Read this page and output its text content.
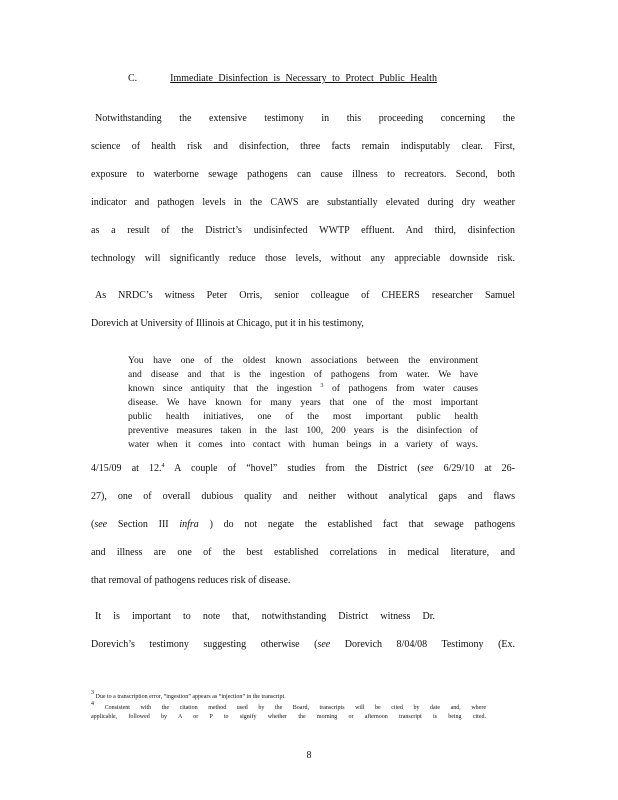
C.	Immediate Disinfection is Necessary to Protect Public Health
Notwithstanding the extensive testimony in this proceeding concerning the
science of health risk and disinfection, three facts remain indisputably clear. First,
exposure to waterborne sewage pathogens can cause illness to recreators. Second, both
indicator and pathogen levels in the CAWS are substantially elevated during dry weather
as a result of the District’s undisinfected WWTP effluent. And third, disinfection
technology will significantly reduce those levels, without any appreciable downside risk.
As NRDC’s witness Peter Orris, senior colleague of CHEERS researcher Samuel
Dorevich at University of Illinois at Chicago, put it in his testimony,
You have one of the oldest known associations between the environment
and disease and that is the ingestion of pathogens from water. We have
known since antiquity that the ingestion $^3$ of pathogens from water causes
disease. We have known for many years that one of the most important
public health initiatives, one of the most important public health
preventive measures taken in the last 100, 200 years is the disinfection of
water when it comes into contact with human beings in a variety of ways.
4/15/09 at 12.$^4$ A couple of “hovel” studies from the District (see 6/29/10 at 26-
27), one of overall dubious quality and neither without analytical gaps and flaws
(see Section III infra ) do not negate the established fact that sewage pathogens
and illness are one of the best established correlations in medical literature, and
that removal of pathogens reduces risk of disease.
It is important to note that, notwithstanding District witness Dr.
Dorevich’s testimony suggesting otherwise (see Dorevich 8/04/08 Testimony (Ex.
$^3$ Due to a transcription error, “ingestion” appears as “injection” in the transcript.
$^4$ Consistent with the citation method used by the Board, transcripts will be cited by date and, where
applicable, followed by A or P to signify whether the morning or afternoon transcript is being cited.
8
